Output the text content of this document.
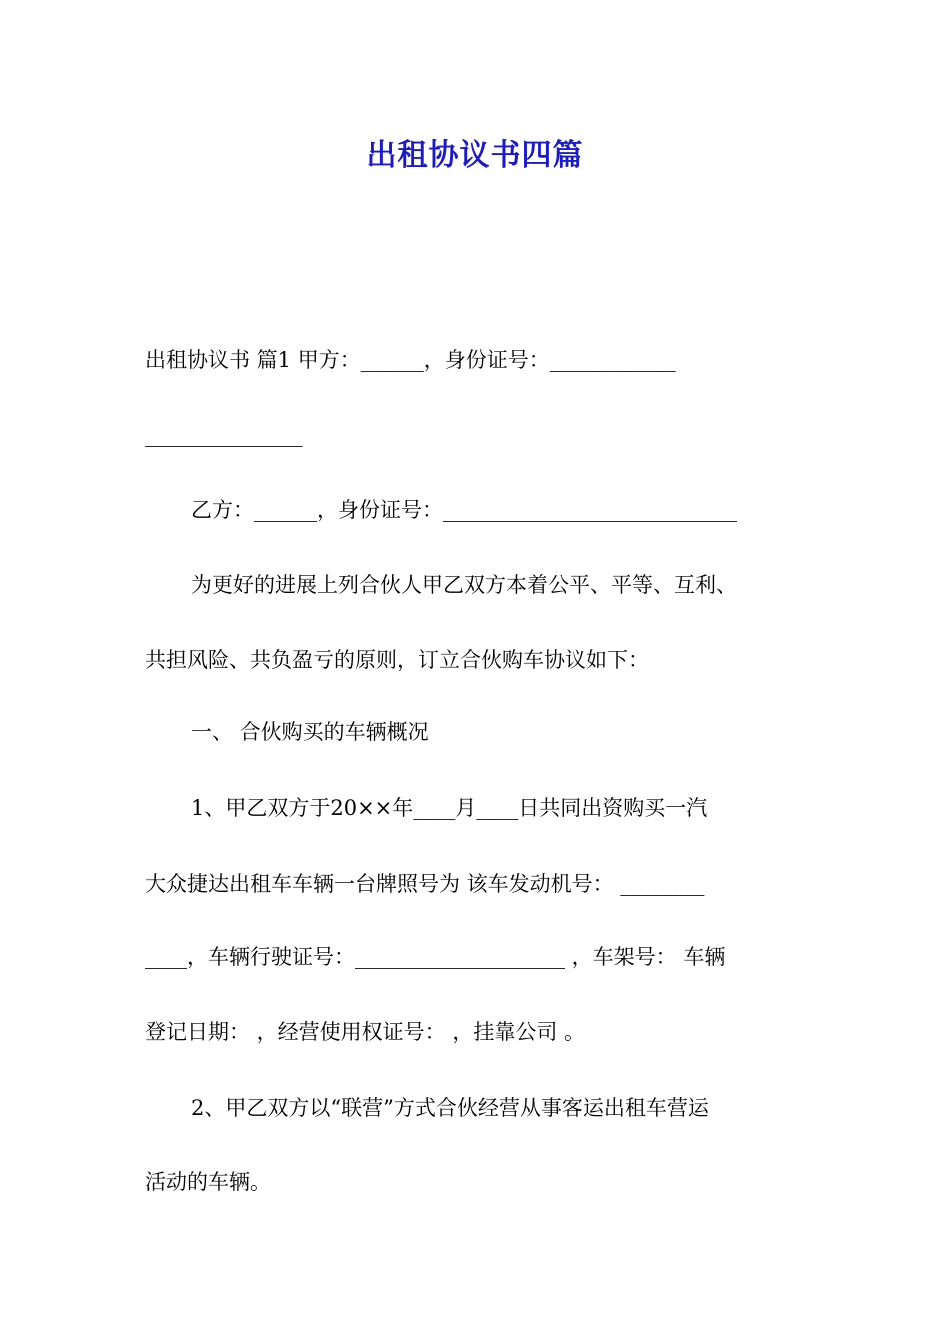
出租协议书四篇
出租协议书 篇1 甲方：______，身份证号：____________
_______________
乙方：______，身份证号：____________________________
为更好的进展上列合伙人甲乙双方本着公平、平等、互利、
共担风险、共负盈亏的原则，订立合伙购车协议如下：
一、 合伙购买的车辆概况
1、甲乙双方于20××年____月____日共同出资购买一汽
大众捷达出租车车辆一台牌照号为 该车发动机号： ________
____，车辆行驶证号：____________________ ，车架号： 车辆
登记日期： ，经营使用权证号： ，挂靠公司 。
2、甲乙双方以“联营”方式合伙经营从事客运出租车营运
活动的车辆。
